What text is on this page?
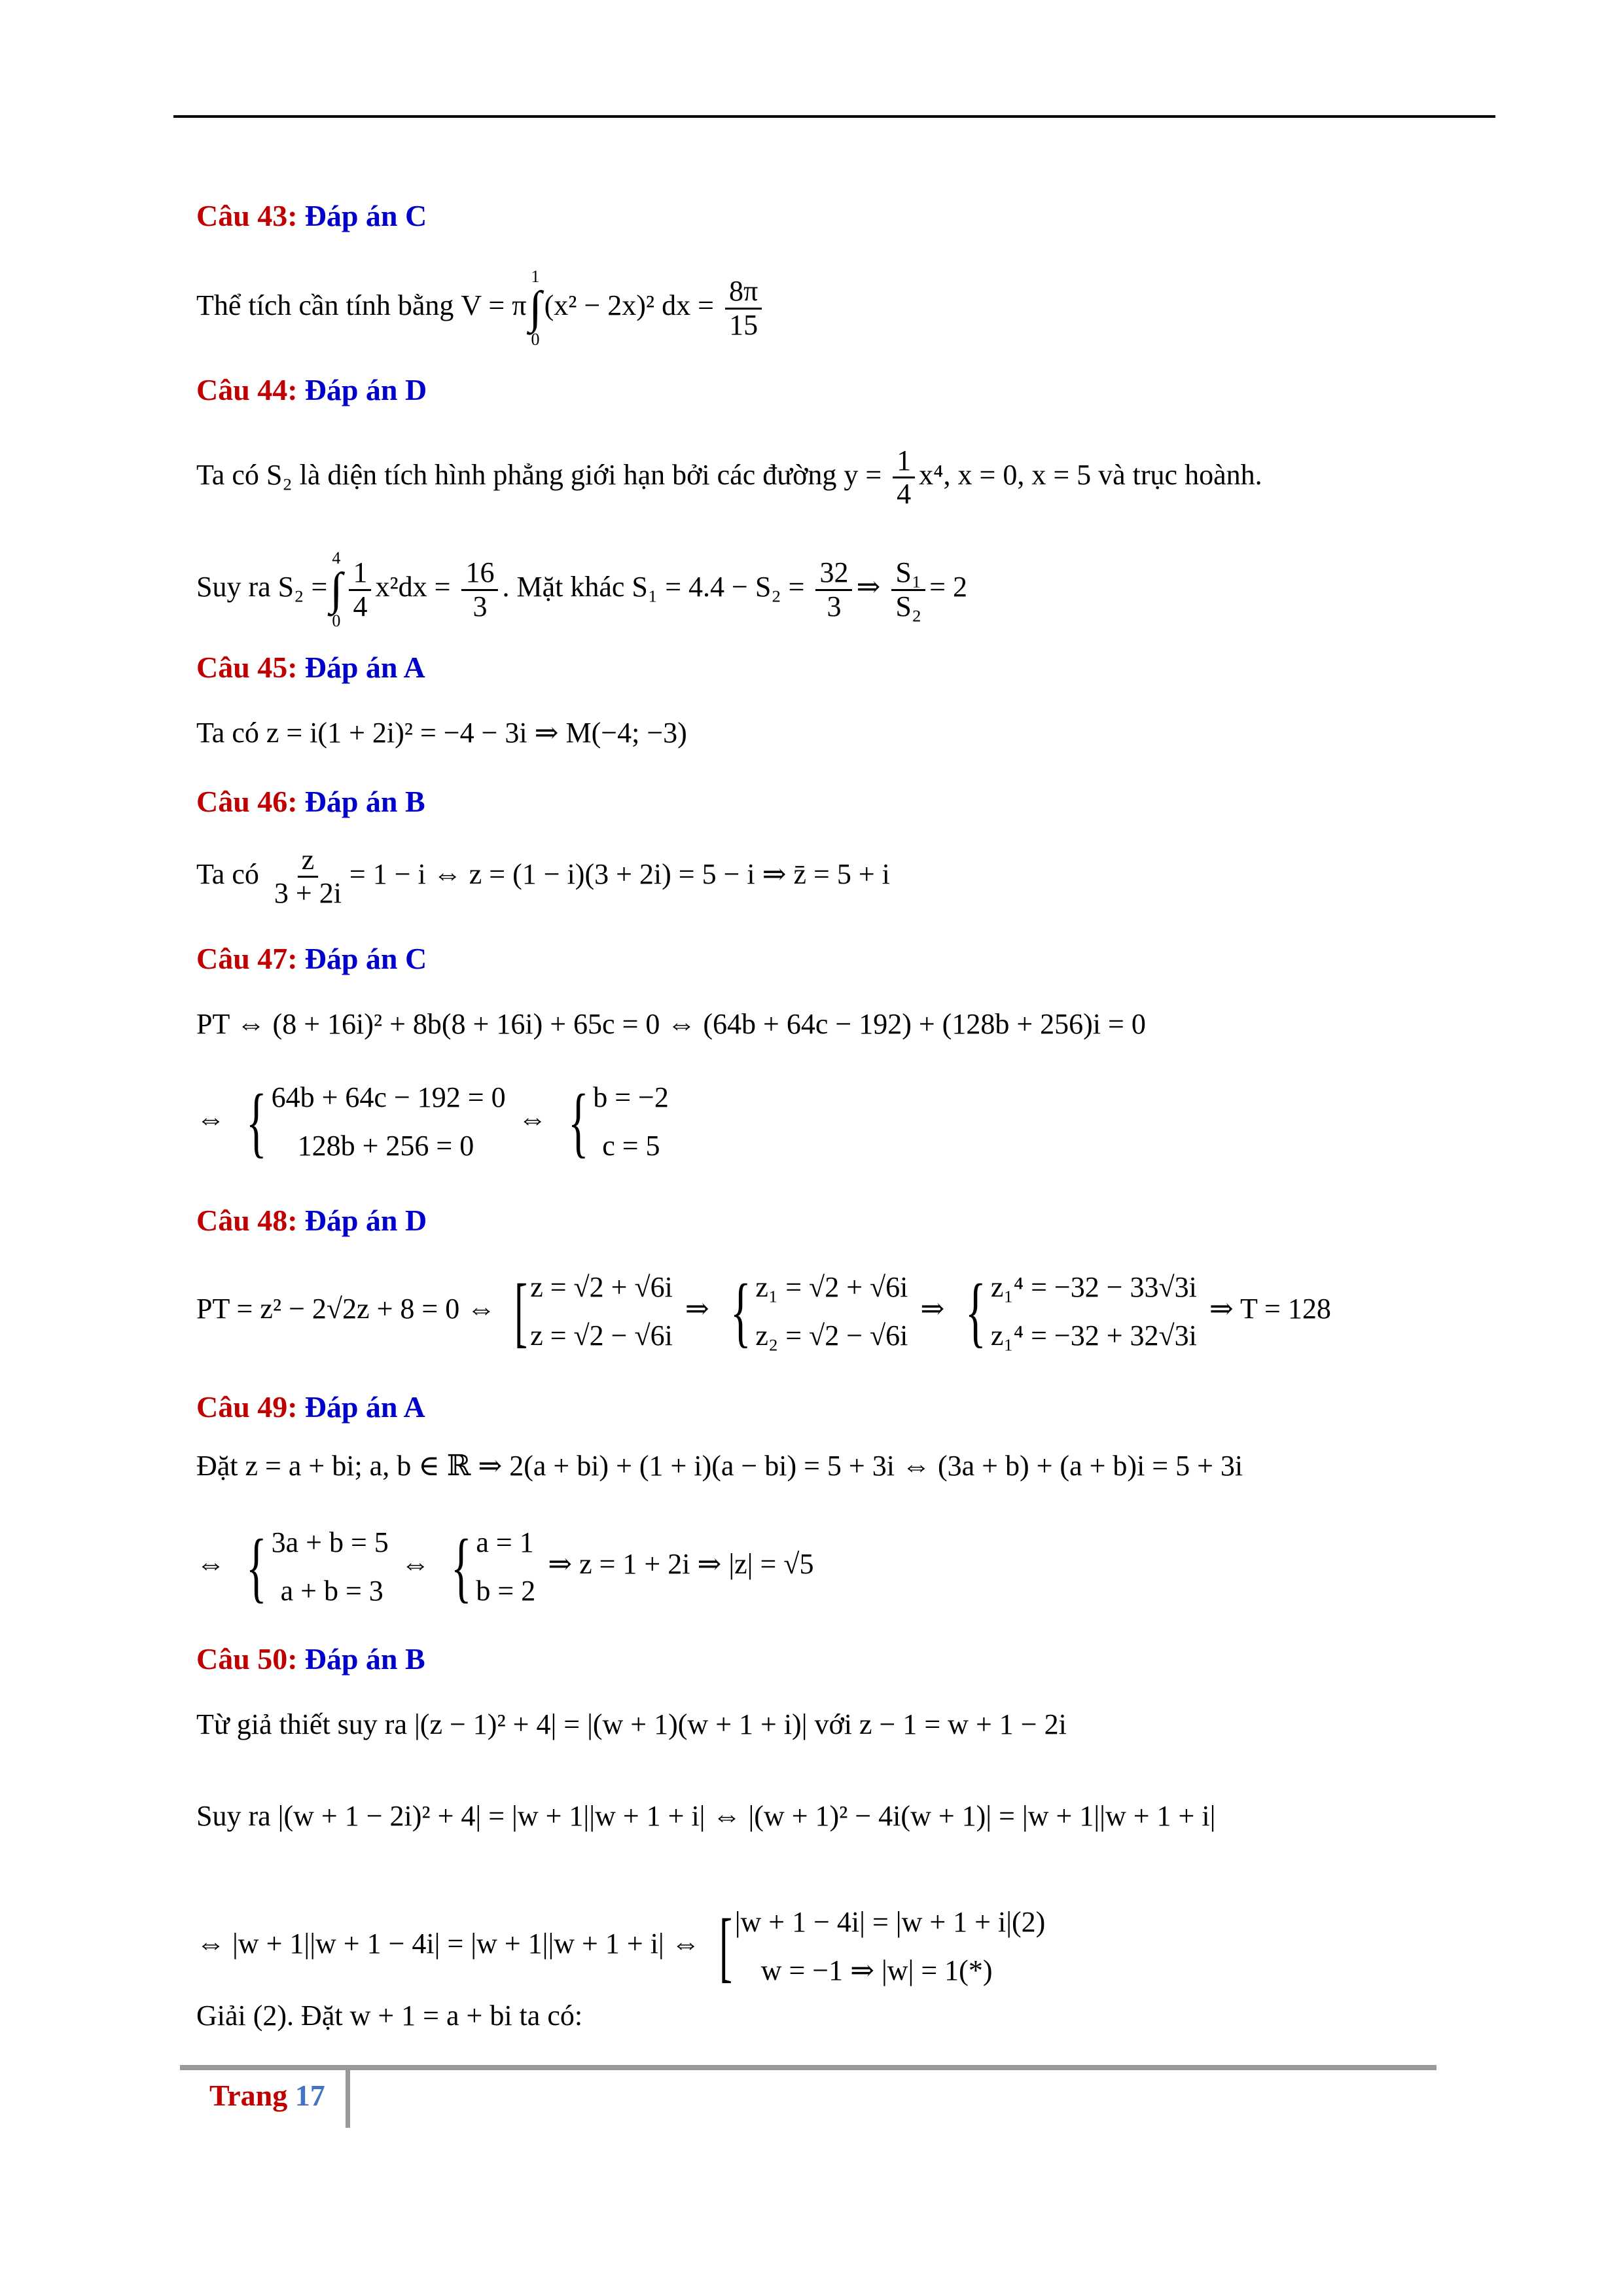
Câu 43: Đáp án C
Thể tích cần tính bằng V = π
1
∫
0
(x² − 2x)² dx = $\frac{8\pi}{15}$
Câu 44: Đáp án D
Ta có S₂ là diện tích hình phẳng giới hạn bởi các đường $y = \frac{1}{4} x^4$, x = 0, x = 5 và trục hoành.
Suy ra S₂ =
4
∫
$0 \frac{1}{4} x^2dx = \frac{16}{3}$ . Mặt khác $S_1 = 4.4 - S_2 = \frac{32}{3}$ ⇒ $\frac{\text{S₁}}{\text{S₂}} = 2$
Câu 45: Đáp án A
Ta có z = i(1 + 2i)² = −4 − 3i ⇒ M(−4; −3)
Câu 46: Đáp án B
Ta có $\frac{z}{3 + 2i} = 1 - i$ ⇔ z = (1 − i)(3 + 2i) = 5 − i ⇒ z̄ = 5 + i
Câu 47: Đáp án C
PT ⇔ (8 + 16i)² + 8b(8 + 16i) + 65c = 0 ⇔ (64b + 64c − 192) + (128b + 256)i = 0
⇔ { 64b + 64c − 192 = 0
128b + 256 = 0
⇔ { b = −2
c = 5
Câu 48: Đáp án D
PT = z² − 2√2z + 8 = 0 ⇔ [ z = √2 + √6i
z = √2 − √6i
⇒ { z₁ = √2 + √6i
z₂ = √2 − √6i
⇒ { z₁⁴ = −32 − 33√3i
z₁⁴ = −32 + 32√3i
⇒ T = 128
Câu 49: Đáp án A
Đặt z = a + bi; a, b ∈ ℝ ⇒ 2(a + bi) + (1 + i)(a − bi) = 5 + 3i ⇔ (3a + b) + (a + b)i = 5 + 3i
⇔ { 3a + b = 5
a + b = 3
⇔ { a = 1
b = 2
⇒ z = 1 + 2i ⇒ |z| = √5
Câu 50: Đáp án B
Từ giả thiết suy ra |(z − 1)² + 4| = |(w + 1)(w + 1 + i)| với z − 1 = w + 1 − 2i
Suy ra |(w + 1 − 2i)² + 4| = |w + 1||w + 1 + i| ⇔ |(w + 1)² − 4i(w + 1)| = |w + 1||w + 1 + i|
⇔ |w + 1||w + 1 − 4i| = |w + 1||w + 1 + i| ⇔ [ |w + 1 − 4i| = |w + 1 + i|(2)
w = −1 ⇒ |w| = 1(*)
Giải (2). Đặt w + 1 = a + bi ta có:
Trang 17
